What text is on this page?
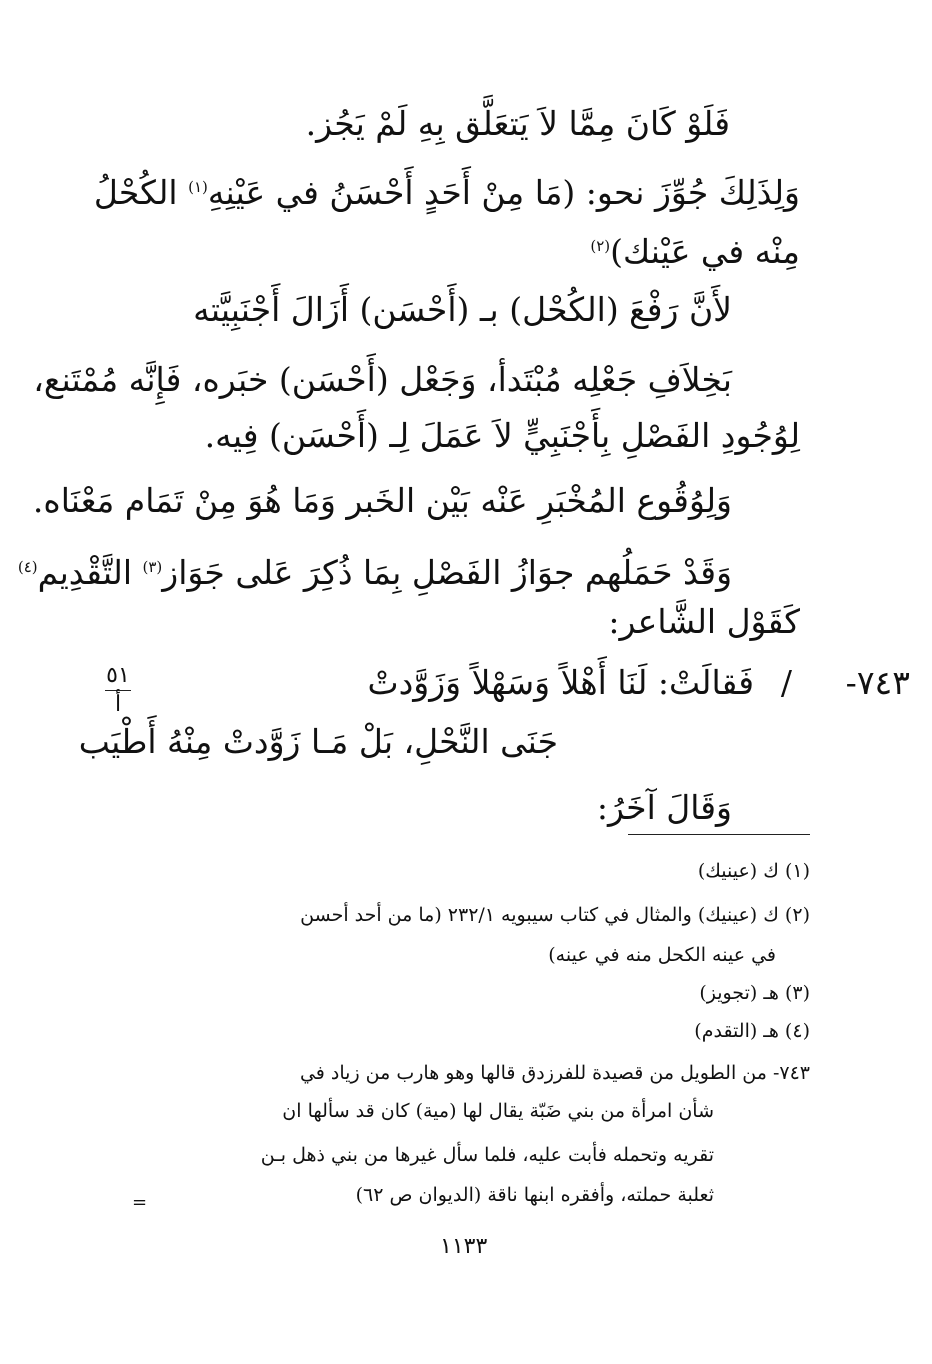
فَلَوْ كَانَ مِمَّا لاَ يَتعَلَّق بِهِ لَمْ يَجُز.
وَلِذَلِكَ جُوِّزَ نحو: (مَا مِنْ أَحَدٍ أَحْسَنُ في عَيْنِهِ$^{(١)}$ الكُحْلُ
مِنْه في عَيْنك)$^{(٢)}$
لأَنَّ رَفْعَ (الكُحْل) بـ (أَحْسَن) أَزَالَ أَجْنَبِيَّته
بَخِلاَفِ جَعْلِه مُبْتَدأ، وَجَعْل (أَحْسَن) خبَره، فَإِنَّه مُمْتَنع،
لِوُجُودِ الفَصْلِ بِأَجْنَبِيٍّ لاَ عَمَلَ لِـ (أَحْسَن) فِيه.
وَلِوُقُوع المُخْبَرِ عَنْه بَيْن الخَبر وَمَا هُوَ مِنْ تَمَام مَعْنَاه.
وَقَدْ حَمَلُهم جوَازُ الفَصْلِ بِمَا ذُكِرَ عَلى جَوَاز$^{(٣)}$ التَّقْدِيم$^{(٤)}$
كَقَوْل الشَّاعر:
٧٤٣-
/
فَقالَتْ: لَنَا أَهْلاً وَسَهْلاً وَزَوَّدتْ
جَنَى النَّحْلِ، بَلْ مَـا زَوَّدتْ مِنْهُ أَطْيَب
٥١
أ
وَقَالَ آخَرُ:
(١) ك (عينيك)
(٢) ك (عينيك) والمثال في كتاب سيبويه ٢٣٢/١ (ما من أحد أحسن
في عينه الكحل منه في عينه)
(٣) هـ (تجويز)
(٤) هـ (التقدم)
٧٤٣- من الطويل من قصيدة للفرزدق قالها وهو هارب من زياد في
شأن امرأة من بني ضَبّة يقال لها (مية) كان قد سألها ان
تقريه وتحمله فأبت عليه، فلما سأل غيرها من بني ذهل بـن
ثعلبة حملته، وأفقره ابنها ناقة (الديوان ص ٦٢)
=
١١٣٣
